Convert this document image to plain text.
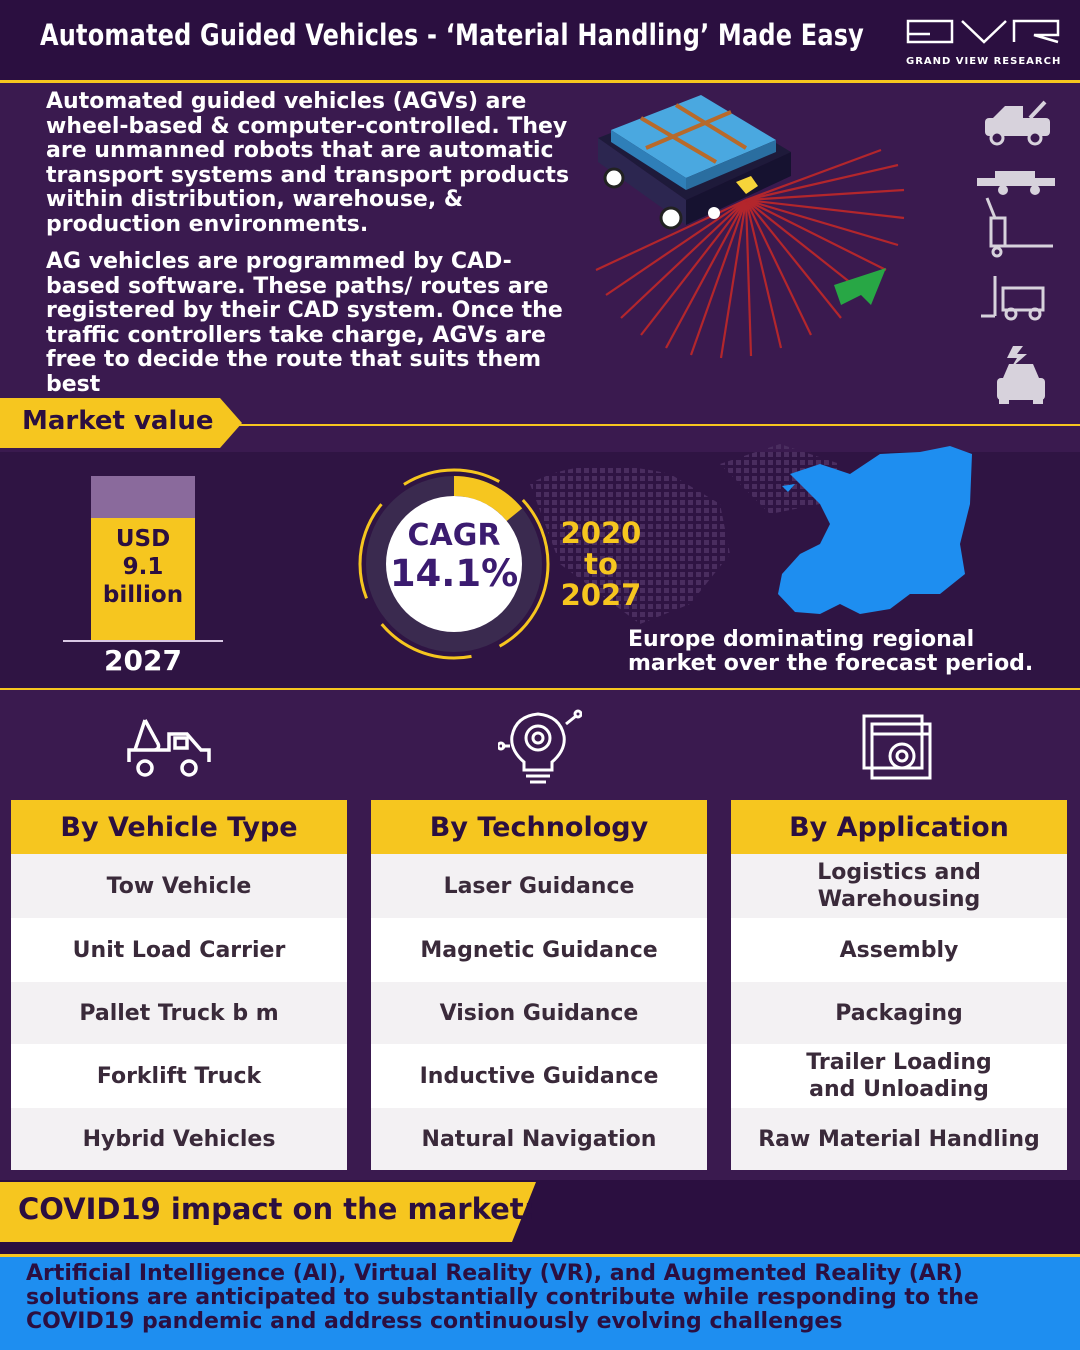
Automated Guided Vehicles - ‘Material Handling’ Made Easy
GRAND VIEW RESEARCH
Automated guided vehicles (AGVs) are wheel-based & computer-controlled. They are unmanned robots that are automatic transport systems and transport products within distribution, warehouse, & production environments.
AG vehicles are programmed by CAD-based software. These paths/ routes are registered by their CAD system. Once the traffic controllers take charge, AGVs are free to decide the route that suits them best
Market value
USD
9.1
billion
2027
CAGR
14.1%
2020
to
2027
Europe dominating regional market over the forecast period.
By Vehicle Type
Tow Vehicle
Unit Load Carrier
Pallet Truck b m
Forklift Truck
Hybrid Vehicles
By Technology
Laser Guidance
Magnetic Guidance
Vision Guidance
Inductive Guidance
Natural Navigation
By Application
Logistics and Warehousing
Assembly
Packaging
Trailer Loading and Unloading
Raw Material Handling
COVID19 impact on the market:
Artificial Intelligence (AI), Virtual Reality (VR), and Augmented Reality (AR) solutions are anticipated to substantially contribute while responding to the COVID19 pandemic and address continuously evolving challenges
